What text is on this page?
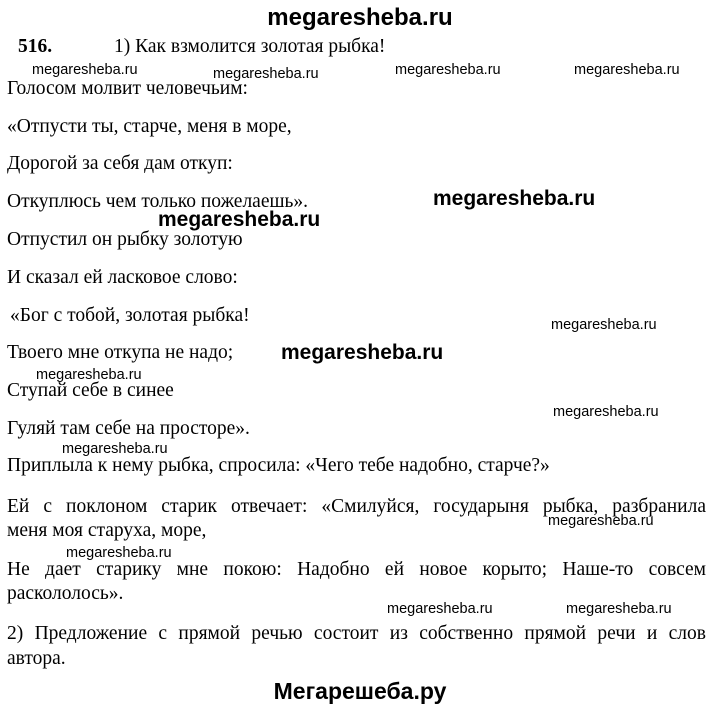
megaresheba.ru
516.	1) Как взмолится золотая рыбка!
Голосом молвит человечьим:
«Отпусти ты, старче, меня в море,
Дорогой за себя дам откуп:
Откуплюсь чем только пожелаешь».
Отпустил он рыбку золотую
И сказал ей ласковое слово:
«Бог с тобой, золотая рыбка!
Твоего мне откупа не надо;
Ступай себе в синее
Гуляй там себе на просторе».
Приплыла к нему рыбка, спросила: «Чего тебе надобно, старче?»
Ей с поклоном старик отвечает: «Смилуйся, государыня рыбка, разбранила
меня моя старуха, море,
Не дает старику мне покою: Надобно ей новое корыто; Наше-то совсем
раскололось».
2) Предложение с прямой речью состоит из собственно прямой речи и слов
автора.
Мегарешеба.ру
megaresheba.ru	megaresheba.ru	megaresheba.ru	megaresheba.ru
megaresheba.ru
megaresheba.ru
megaresheba.ru
megaresheba.ru
megaresheba.ru
megaresheba.ru
megaresheba.ru
megaresheba.ru
megaresheba.ru
megaresheba.ru	megaresheba.ru
